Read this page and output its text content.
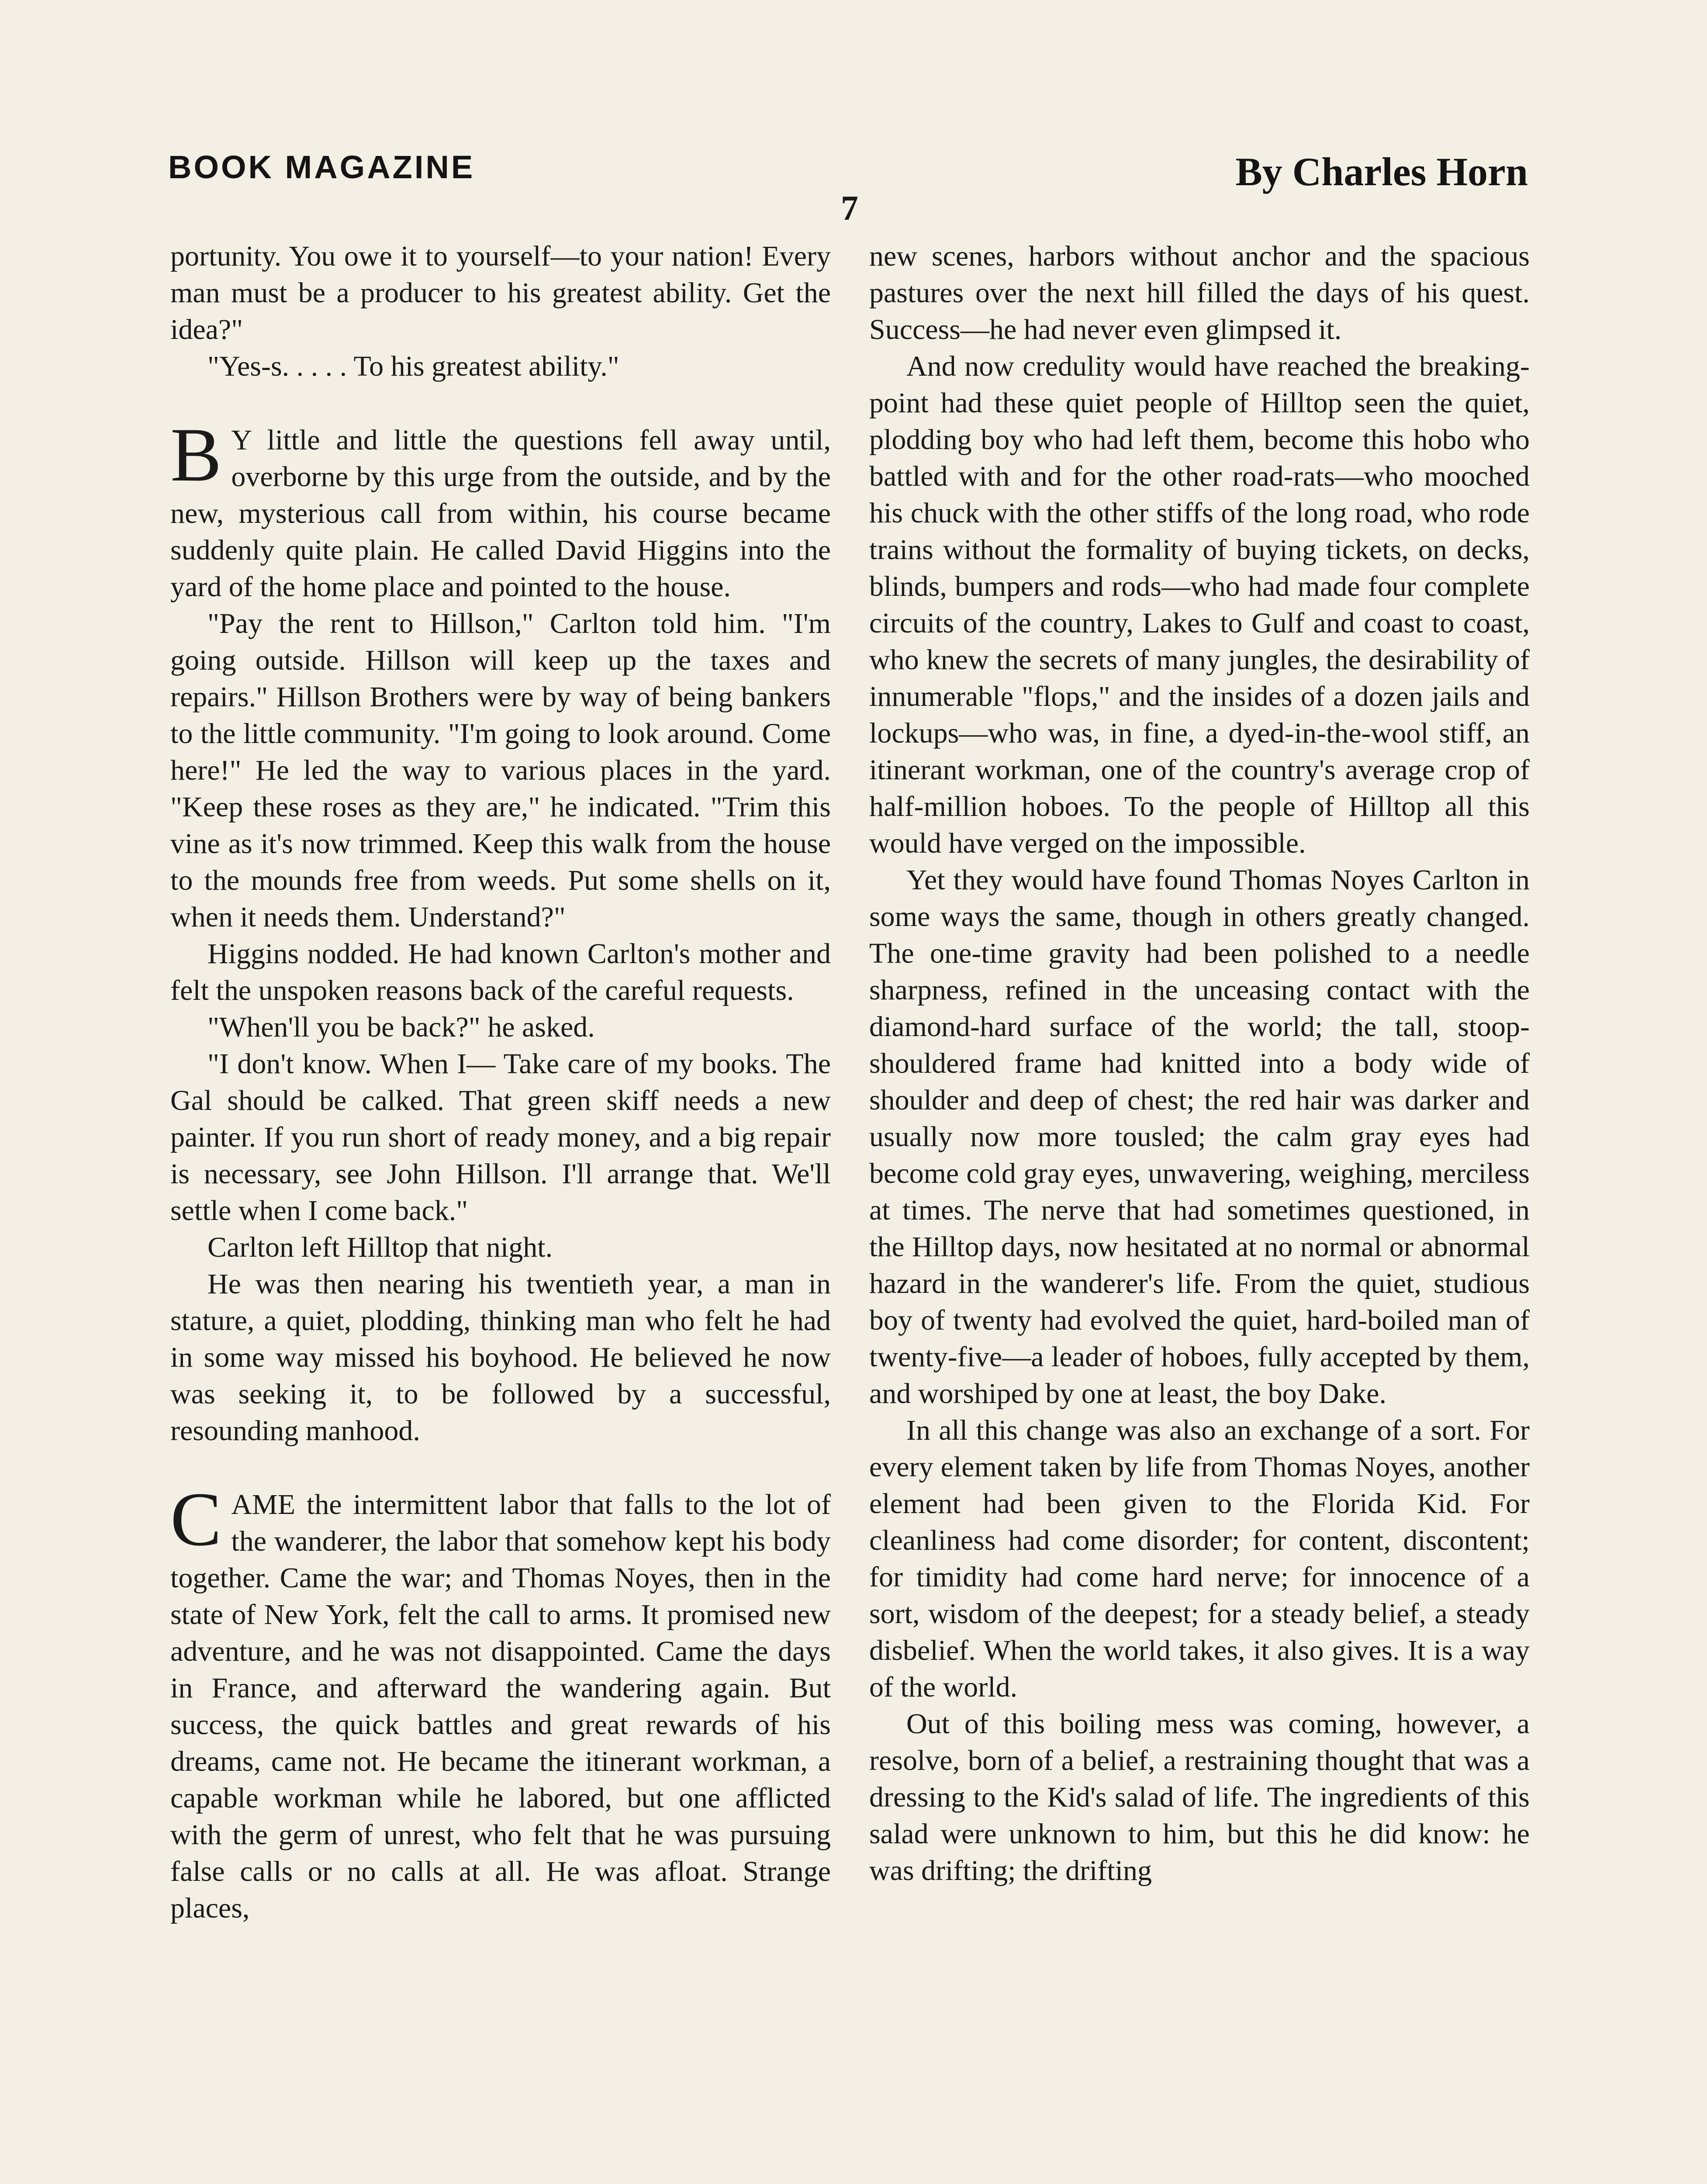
BOOK MAGAZINE	By Charles Horn
7

portunity. You owe it to yourself—to your nation! Every man must be a producer to his greatest ability. Get the idea?"

"Yes-s. . . . . To his greatest ability."

B Y little and little the questions fell away until, overborne by this urge from the outside, and by the new, mysterious call from within, his course became suddenly quite plain. He called David Higgins into the yard of the home place and pointed to the house.

"Pay the rent to Hillson," Carlton told him. "I'm going outside. Hillson will keep up the taxes and repairs." Hillson Brothers were by way of being bankers to the little community. "I'm going to look around. Come here!" He led the way to various places in the yard. "Keep these roses as they are," he indicated. "Trim this vine as it's now trimmed. Keep this walk from the house to the mounds free from weeds. Put some shells on it, when it needs them. Understand?"

Higgins nodded. He had known Carlton's mother and felt the unspoken reasons back of the careful requests.

"When'll you be back?" he asked.

"I don't know. When I— Take care of my books. The Gal should be calked. That green skiff needs a new painter. If you run short of ready money, and a big repair is necessary, see John Hillson. I'll arrange that. We'll settle when I come back."

Carlton left Hilltop that night.

He was then nearing his twentieth year, a man in stature, a quiet, plodding, thinking man who felt he had in some way missed his boyhood. He believed he now was seeking it, to be followed by a successful, resounding manhood.

CAME the intermittent labor that falls to the lot of the wanderer, the labor that somehow kept his body together. Came the war; and Thomas Noyes, then in the state of New York, felt the call to arms. It promised new adventure, and he was not disappointed. Came the days in France, and afterward the wandering again. But success, the quick battles and great rewards of his dreams, came not. He became the itinerant workman, a capable workman while he labored, but one afflicted with the germ of unrest, who felt that he was pursuing false calls or no calls at all. He was afloat. Strange places,

new scenes, harbors without anchor and the spacious pastures over the next hill filled the days of his quest. Success—he had never even glimpsed it.

And now credulity would have reached the breaking-point had these quiet people of Hilltop seen the quiet, plodding boy who had left them, become this hobo who battled with and for the other road-rats—who mooched his chuck with the other stiffs of the long road, who rode trains without the formality of buying tickets, on decks, blinds, bumpers and rods—who had made four complete circuits of the country, Lakes to Gulf and coast to coast, who knew the secrets of many jungles, the desirability of innumerable "flops," and the insides of a dozen jails and lockups—who was, in fine, a dyed-in-the-wool stiff, an itinerant workman, one of the country's average crop of half-million hoboes. To the people of Hilltop all this would have verged on the impossible.

Yet they would have found Thomas Noyes Carlton in some ways the same, though in others greatly changed. The one-time gravity had been polished to a needle sharpness, refined in the unceasing contact with the diamond-hard surface of the world; the tall, stoop-shouldered frame had knitted into a body wide of shoulder and deep of chest; the red hair was darker and usually now more tousled; the calm gray eyes had become cold gray eyes, unwavering, weighing, merciless at times. The nerve that had sometimes questioned, in the Hilltop days, now hesitated at no normal or abnormal hazard in the wanderer's life. From the quiet, studious boy of twenty had evolved the quiet, hard-boiled man of twenty-five—a leader of hoboes, fully accepted by them, and worshiped by one at least, the boy Dake.

In all this change was also an exchange of a sort. For every element taken by life from Thomas Noyes, another element had been given to the Florida Kid. For cleanliness had come disorder; for content, discontent; for timidity had come hard nerve; for innocence of a sort, wisdom of the deepest; for a steady belief, a steady disbelief. When the world takes, it also gives. It is a way of the world.

Out of this boiling mess was coming, however, a resolve, born of a belief, a restraining thought that was a dressing to the Kid's salad of life. The ingredients of this salad were unknown to him, but this he did know: he was drifting; the drifting
